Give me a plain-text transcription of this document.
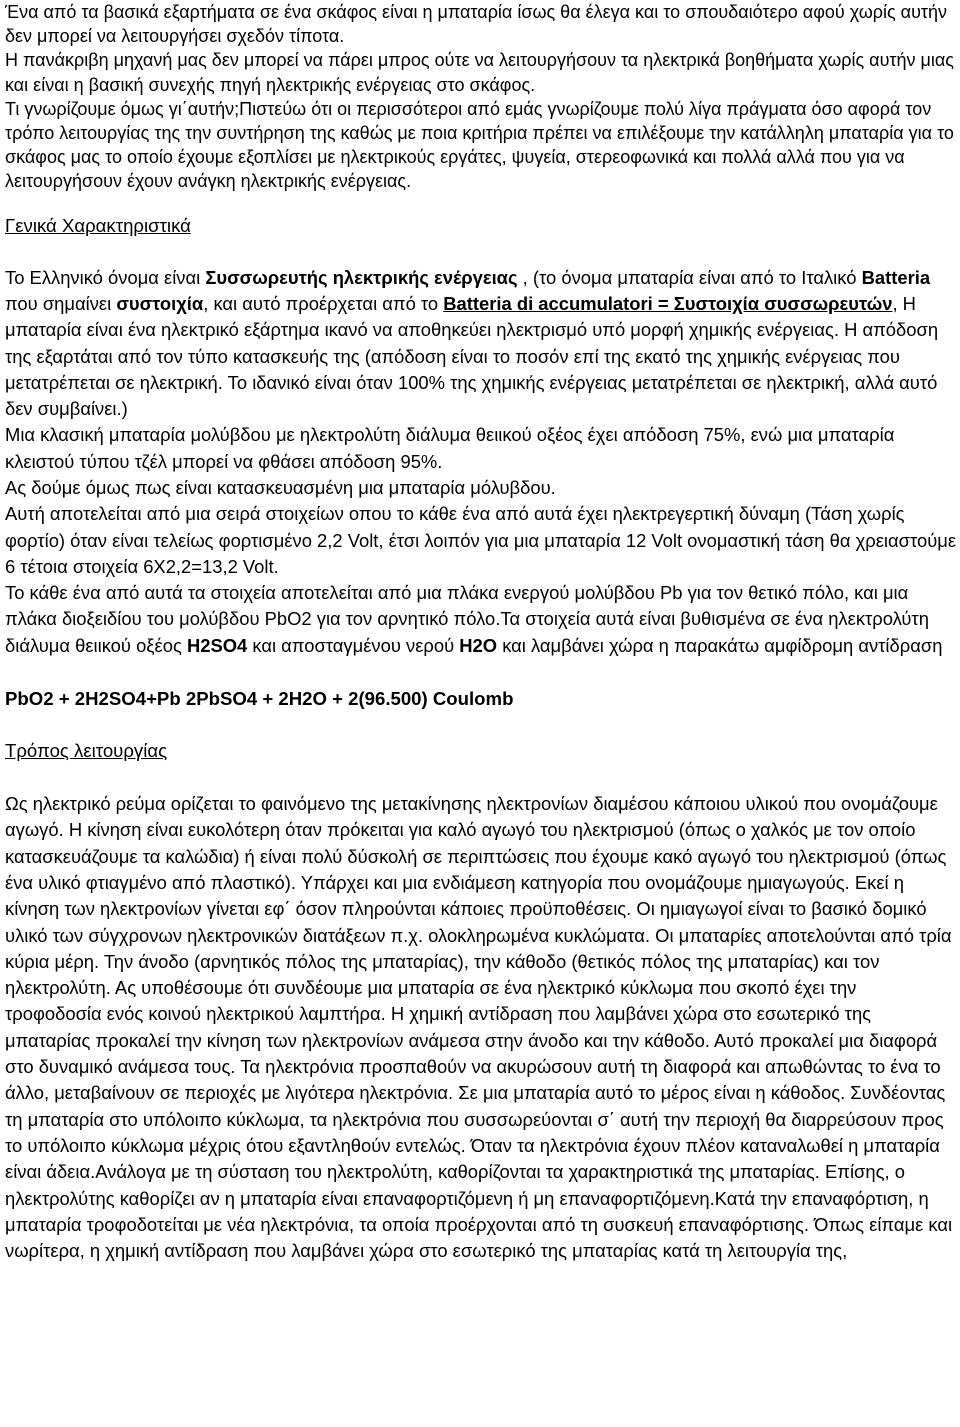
Ένα από τα βασικά εξαρτήματα σε ένα σκάφος είναι η μπαταρία ίσως θα έλεγα και το σπουδαιότερο αφού χωρίς αυτήν δεν μπορεί να λειτουργήσει σχεδόν τίποτα.

Η πανάκριβη μηχανή μας δεν μπορεί να πάρει μπρος ούτε να λειτουργήσουν τα ηλεκτρικά βοηθήματα χωρίς αυτήν μιας και είναι η βασική συνεχής πηγή ηλεκτρικής ενέργειας στο σκάφος.

Τι γνωρίζουμε όμως γι΄αυτήν;Πιστεύω ότι οι περισσότεροι από εμάς γνωρίζουμε πολύ λίγα πράγματα όσο αφορά τον τρόπο λειτουργίας της την συντήρηση της καθώς με ποια κριτήρια πρέπει να επιλέξουμε την κατάλληλη μπαταρία για το σκάφος μας το οποίο έχουμε εξοπλίσει με ηλεκτρικούς εργάτες, ψυγεία, στερεοφωνικά και πολλά αλλά που για να λειτουργήσουν έχουν ανάγκη ηλεκτρικής ενέργειας.

Γενικά Χαρακτηριστικά

Το Ελληνικό όνομα είναι Συσσωρευτής ηλεκτρικής ενέργειας , (το όνομα μπαταρία είναι από το Ιταλικό Batteria που σημαίνει συστοιχία, και αυτό προέρχεται από το Batteria di accumulatori = Συστοιχία συσσωρευτών, Η μπαταρία είναι ένα ηλεκτρικό εξάρτημα ικανό να αποθηκεύει ηλεκτρισμό υπό μορφή χημικής ενέργειας. Η απόδοση της εξαρτάται από τον τύπο κατασκευής της (απόδοση είναι το ποσόν επί της εκατό της χημικής ενέργειας που μετατρέπεται σε ηλεκτρική. Το ιδανικό είναι όταν 100% της χημικής ενέργειας μετατρέπεται σε ηλεκτρική, αλλά αυτό δεν συμβαίνει.)

Μια κλασική μπαταρία μολύβδου με ηλεκτρολύτη διάλυμα θειικού οξέος έχει απόδοση 75%, ενώ μια μπαταρία κλειστού τύπου τζέλ μπορεί να φθάσει απόδοση 95%.

Ας δούμε όμως πως είναι κατασκευασμένη μια μπαταρία μόλυβδου.

Αυτή αποτελείται από μια σειρά στοιχείων οπου το κάθε ένα από αυτά έχει ηλεκτρεγερτική δύναμη (Τάση χωρίς φορτίο) όταν είναι τελείως φορτισμένο 2,2 Volt, έτσι λοιπόν για μια μπαταρία 12 Volt ονομαστική τάση θα χρειαστούμε 6 τέτοια στοιχεία 6Χ2,2=13,2 Volt.

Το κάθε ένα από αυτά τα στοιχεία αποτελείται από μια πλάκα ενεργού μολύβδου Pb για τον θετικό πόλο, και μια πλάκα διοξειδίου του μολύβδου PbO2 για τον αρνητικό πόλο.Τα στοιχεία αυτά είναι βυθισμένα σε ένα ηλεκτρολύτη διάλυμα θειικού οξέος H2SO4 και αποσταγμένου νερού H2O και λαμβάνει χώρα η παρακάτω αμφίδρομη αντίδραση

PbO2 + 2H2SO4+Pb 2PbSO4 + 2H2O + 2(96.500) Coulomb

Τρόπος λειτουργίας

Ως ηλεκτρικό ρεύμα ορίζεται το φαινόμενο της μετακίνησης ηλεκτρονίων διαμέσου κάποιου υλικού που ονομάζουμε αγωγό. Η κίνηση είναι ευκολότερη όταν πρόκειται για καλό αγωγό του ηλεκτρισμού (όπως ο χαλκός με τον οποίο κατασκευάζουμε τα καλώδια) ή είναι πολύ δύσκολή σε περιπτώσεις που έχουμε κακό αγωγό του ηλεκτρισμού (όπως ένα υλικό φτιαγμένο από πλαστικό). Υπάρχει και μια ενδιάμεση κατηγορία που ονομάζουμε ημιαγωγούς. Εκεί η κίνηση των ηλεκτρονίων γίνεται εφ΄ όσον πληρούνται κάποιες προϋποθέσεις. Οι ημιαγωγοί είναι το βασικό δομικό υλικό των σύγχρονων ηλεκτρονικών διατάξεων π.χ. ολοκληρωμένα κυκλώματα. Οι μπαταρίες αποτελούνται από τρία κύρια μέρη. Την άνοδο (αρνητικός πόλος της μπαταρίας), την κάθοδο (θετικός πόλος της μπαταρίας) και τον ηλεκτρολύτη. Ας υποθέσουμε ότι συνδέουμε μια μπαταρία σε ένα ηλεκτρικό κύκλωμα που σκοπό έχει την τροφοδοσία ενός κοινού ηλεκτρικού λαμπτήρα. Η χημική αντίδραση που λαμβάνει χώρα στο εσωτερικό της μπαταρίας προκαλεί την κίνηση των ηλεκτρονίων ανάμεσα στην άνοδο και την κάθοδο. Αυτό προκαλεί μια διαφορά στο δυναμικό ανάμεσα τους. Τα ηλεκτρόνια προσπαθούν να ακυρώσουν αυτή τη διαφορά και απωθώντας το ένα το άλλο, μεταβαίνουν σε περιοχές με λιγότερα ηλεκτρόνια. Σε μια μπαταρία αυτό το μέρος είναι η κάθοδος. Συνδέοντας τη μπαταρία στο υπόλοιπο κύκλωμα, τα ηλεκτρόνια που συσσωρεύονται σ΄ αυτή την περιοχή θα διαρρεύσουν προς το υπόλοιπο κύκλωμα μέχρις ότου εξαντληθούν εντελώς. Όταν τα ηλεκτρόνια έχουν πλέον καταναλωθεί η μπαταρία είναι άδεια.Ανάλογα με τη σύσταση του ηλεκτρολύτη, καθορίζονται τα χαρακτηριστικά της μπαταρίας. Επίσης, ο ηλεκτρολύτης καθορίζει αν η μπαταρία είναι επαναφορτιζόμενη ή μη επαναφορτιζόμενη.Κατά την επαναφόρτιση, η μπαταρία τροφοδοτείται με νέα ηλεκτρόνια, τα οποία προέρχονται από τη συσκευή επαναφόρτισης. Όπως είπαμε και νωρίτερα, η χημική αντίδραση που λαμβάνει χώρα στο εσωτερικό της μπαταρίας κατά τη λειτουργία της,
